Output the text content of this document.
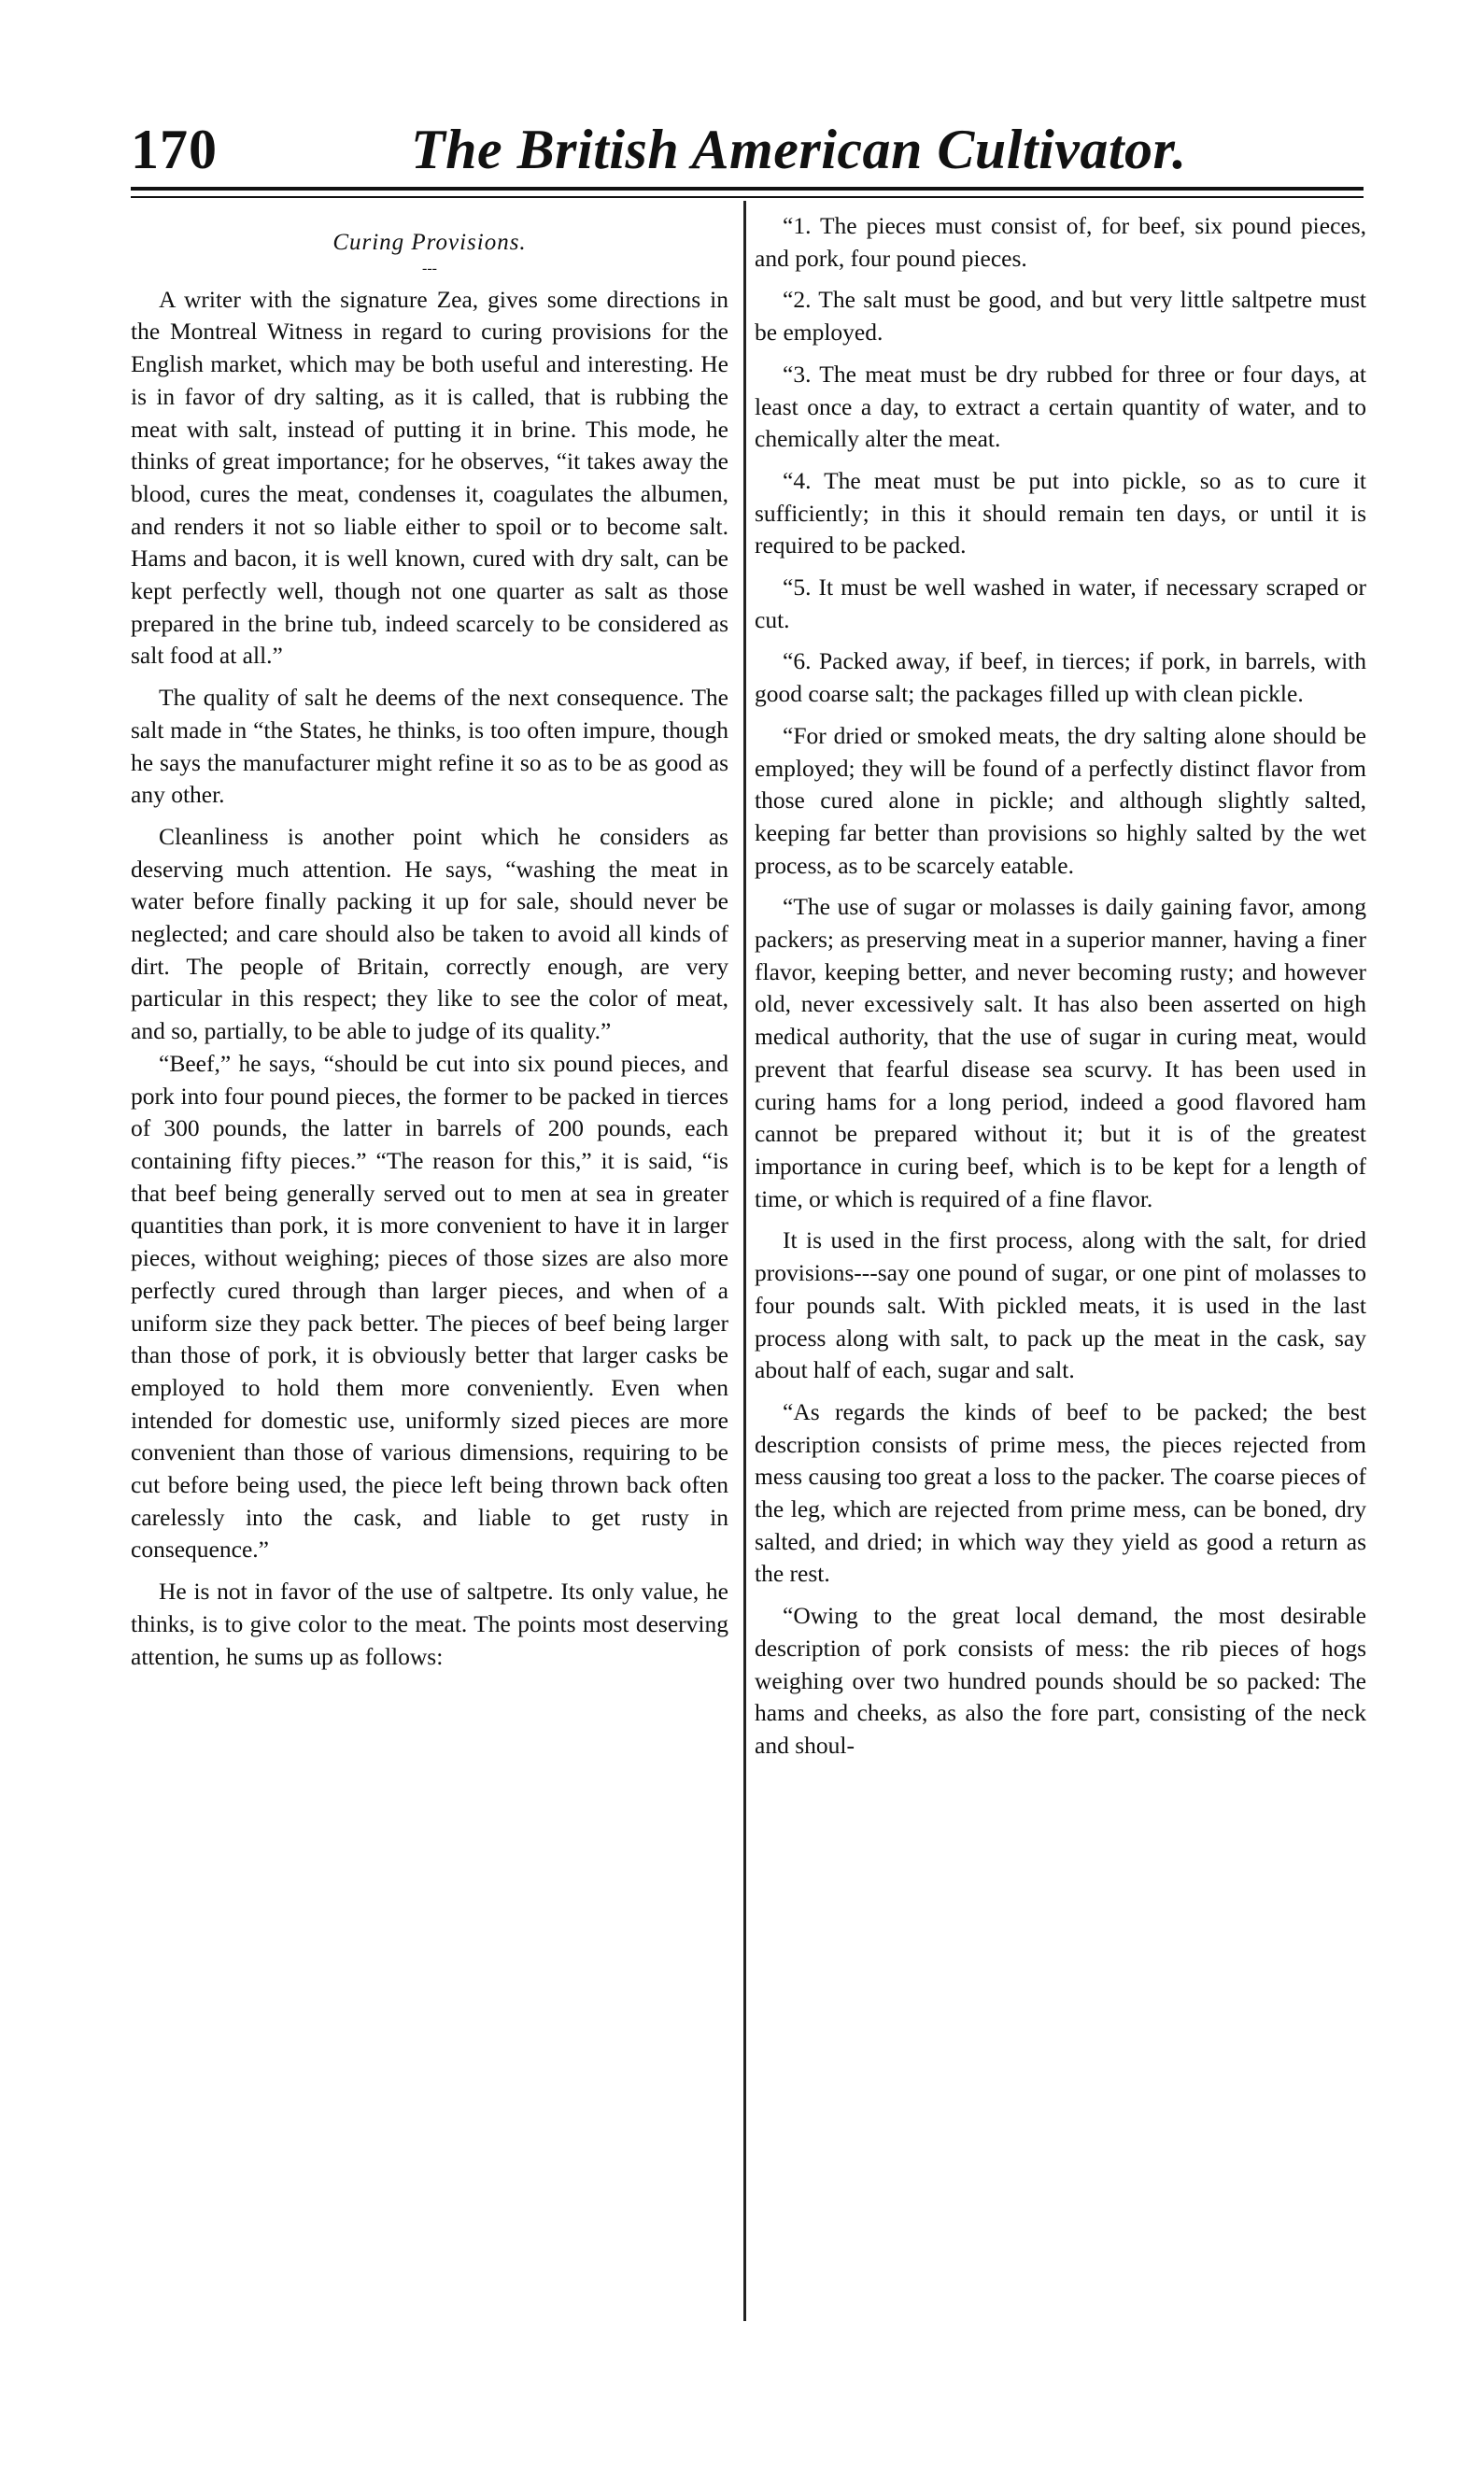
170	The British American Cultivator.
Curing Provisions.
---

A writer with the signature Zea, gives some directions in the Montreal Witness in regard to curing provisions for the English market, which may be both useful and interesting. He is in favor of dry salting, as it is called, that is rubbing the meat with salt, instead of putting it in brine. This mode, he thinks of great importance; for he observes, “it takes away the blood, cures the meat, condenses it, coagulates the albumen, and renders it not so liable either to spoil or to become salt. Hams and bacon, it is well known, cured with dry salt, can be kept perfectly well, though not one quarter as salt as those prepared in the brine tub, indeed scarcely to be considered as salt food at all.”

The quality of salt he deems of the next consequence. The salt made in “the States, he thinks, is too often impure, though he says the manufacturer might refine it so as to be as good as any other.

Cleanliness is another point which he considers as deserving much attention. He says, “washing the meat in water before finally packing it up for sale, should never be neglected; and care should also be taken to avoid all kinds of dirt. The people of Britain, correctly enough, are very particular in this respect; they like to see the color of meat, and so, partially, to be able to judge of its quality.”

“Beef,” he says, “should be cut into six pound pieces, and pork into four pound pieces, the former to be packed in tierces of 300 pounds, the latter in barrels of 200 pounds, each containing fifty pieces.” “The reason for this,” it is said, “is that beef being generally served out to men at sea in greater quantities than pork, it is more convenient to have it in larger pieces, without weighing; pieces of those sizes are also more perfectly cured through than larger pieces, and when of a uniform size they pack better. The pieces of beef being larger than those of pork, it is obviously better that larger casks be employed to hold them more conveniently. Even when intended for domestic use, uniformly sized pieces are more convenient than those of various dimensions, requiring to be cut before being used, the piece left being thrown back often carelessly into the cask, and liable to get rusty in consequence.”

He is not in favor of the use of saltpetre. Its only value, he thinks, is to give color to the meat. The points most deserving attention, he sums up as follows:

“1. The pieces must consist of, for beef, six pound pieces, and pork, four pound pieces.

“2. The salt must be good, and but very little saltpetre must be employed.

“3. The meat must be dry rubbed for three or four days, at least once a day, to extract a certain quantity of water, and to chemically alter the meat.

“4. The meat must be put into pickle, so as to cure it sufficiently; in this it should remain ten days, or until it is required to be packed.

“5. It must be well washed in water, if necessary scraped or cut.

“6. Packed away, if beef, in tierces; if pork, in barrels, with good coarse salt; the packages filled up with clean pickle.

“For dried or smoked meats, the dry salting alone should be employed; they will be found of a perfectly distinct flavor from those cured alone in pickle; and although slightly salted, keeping far better than provisions so highly salted by the wet process, as to be scarcely eatable.

“The use of sugar or molasses is daily gaining favor, among packers; as preserving meat in a superior manner, having a finer flavor, keeping better, and never becoming rusty; and however old, never excessively salt. It has also been asserted on high medical authority, that the use of sugar in curing meat, would prevent that fearful disease sea scurvy. It has been used in curing hams for a long period, indeed a good flavored ham cannot be prepared without it; but it is of the greatest importance in curing beef, which is to be kept for a length of time, or which is required of a fine flavor.

It is used in the first process, along with the salt, for dried provisions---say one pound of sugar, or one pint of molasses to four pounds salt. With pickled meats, it is used in the last process along with salt, to pack up the meat in the cask, say about half of each, sugar and salt.

“As regards the kinds of beef to be packed; the best description consists of prime mess, the pieces rejected from mess causing too great a loss to the packer. The coarse pieces of the leg, which are rejected from prime mess, can be boned, dry salted, and dried; in which way they yield as good a return as the rest.

“Owing to the great local demand, the most desirable description of pork consists of mess: the rib pieces of hogs weighing over two hundred pounds should be so packed: The hams and cheeks, as also the fore part, consisting of the neck and shoul-
